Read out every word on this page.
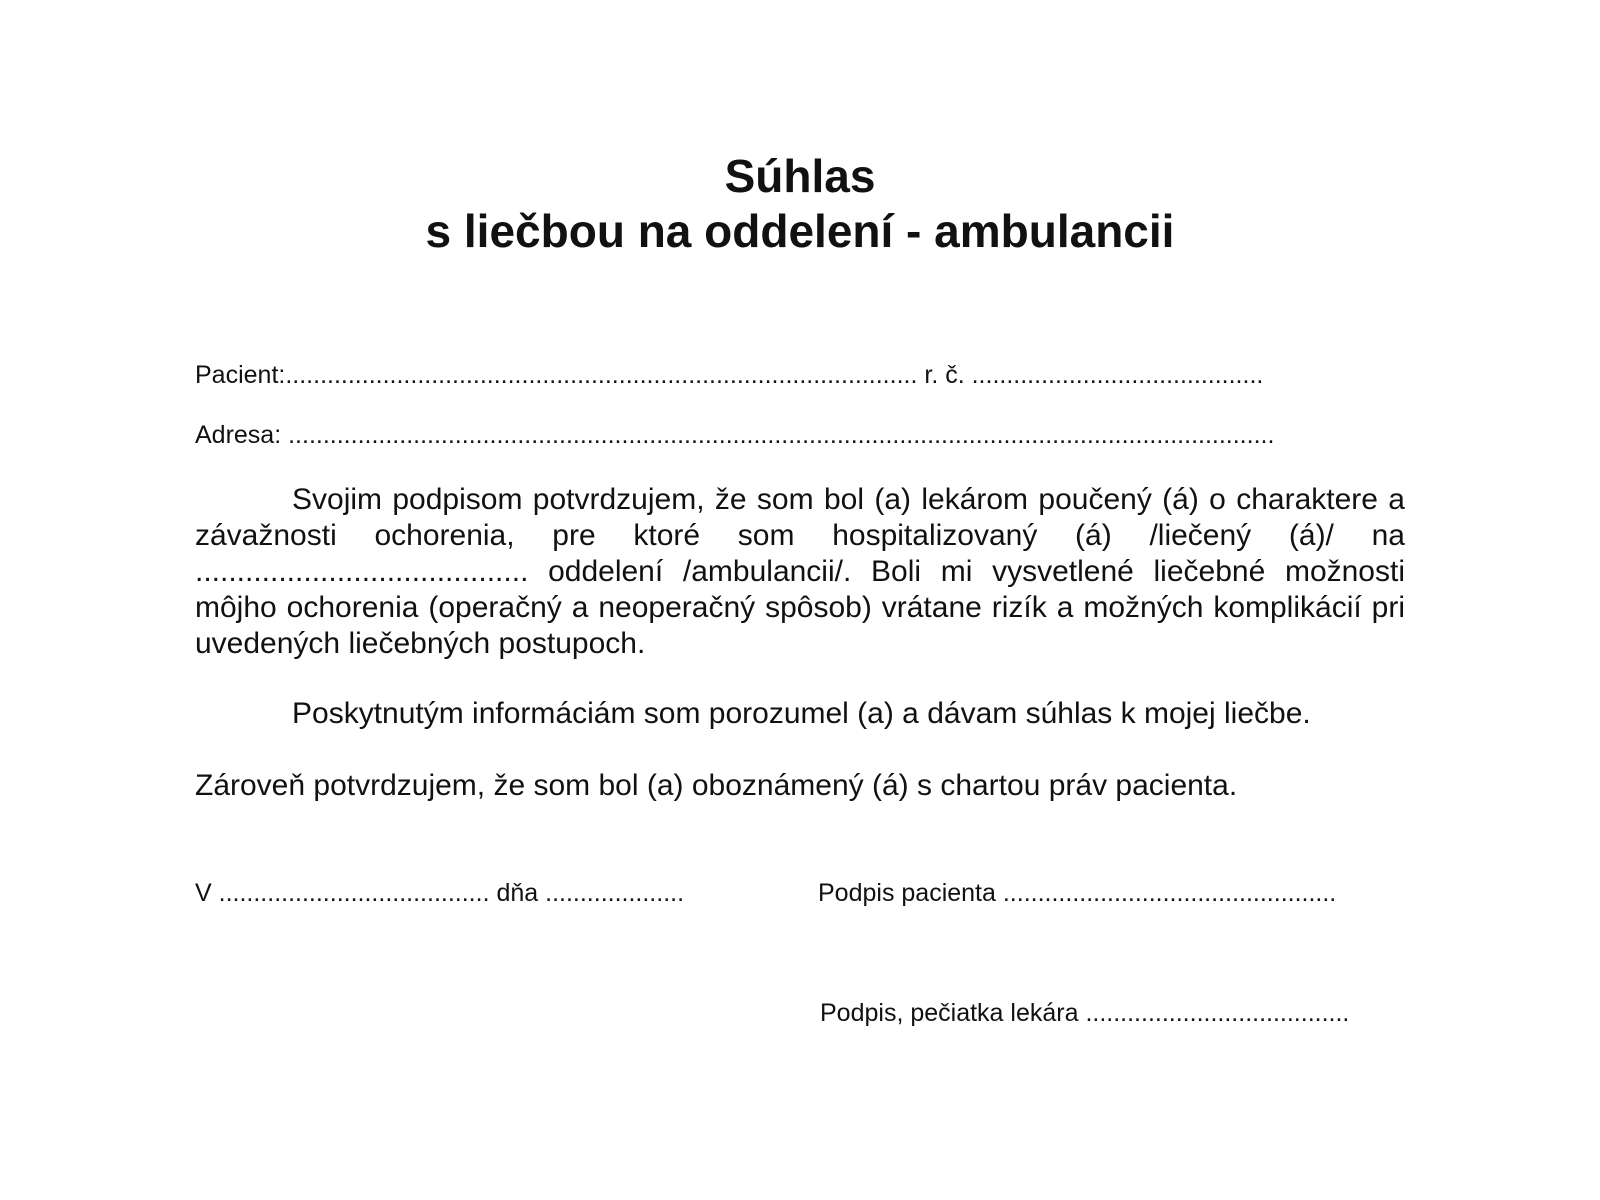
Súhlas
s liečbou na oddelení - ambulancii
Pacient:........................................................................................... r. č. ..........................................
Adresa: ..............................................................................................................................................
Svojim podpisom potvrdzujem, že som bol (a) lekárom poučený (á) o charaktere a závažnosti ochorenia, pre ktoré som hospitalizovaný (á) /liečený (á)/ na ........................................ oddelení /ambulancii/. Boli mi vysvetlené liečebné možnosti môjho ochorenia (operačný a neoperačný spôsob) vrátane rizík a možných komplikácií pri uvedených liečebných postupoch.
Poskytnutým informáciám som porozumel (a) a dávam súhlas k mojej liečbe.
Zároveň potvrdzujem, že som bol (a) oboznámený (á) s chartou práv pacienta.
V ....................................... dňa ....................	Podpis pacienta ................................................
Podpis, pečiatka lekára ......................................
